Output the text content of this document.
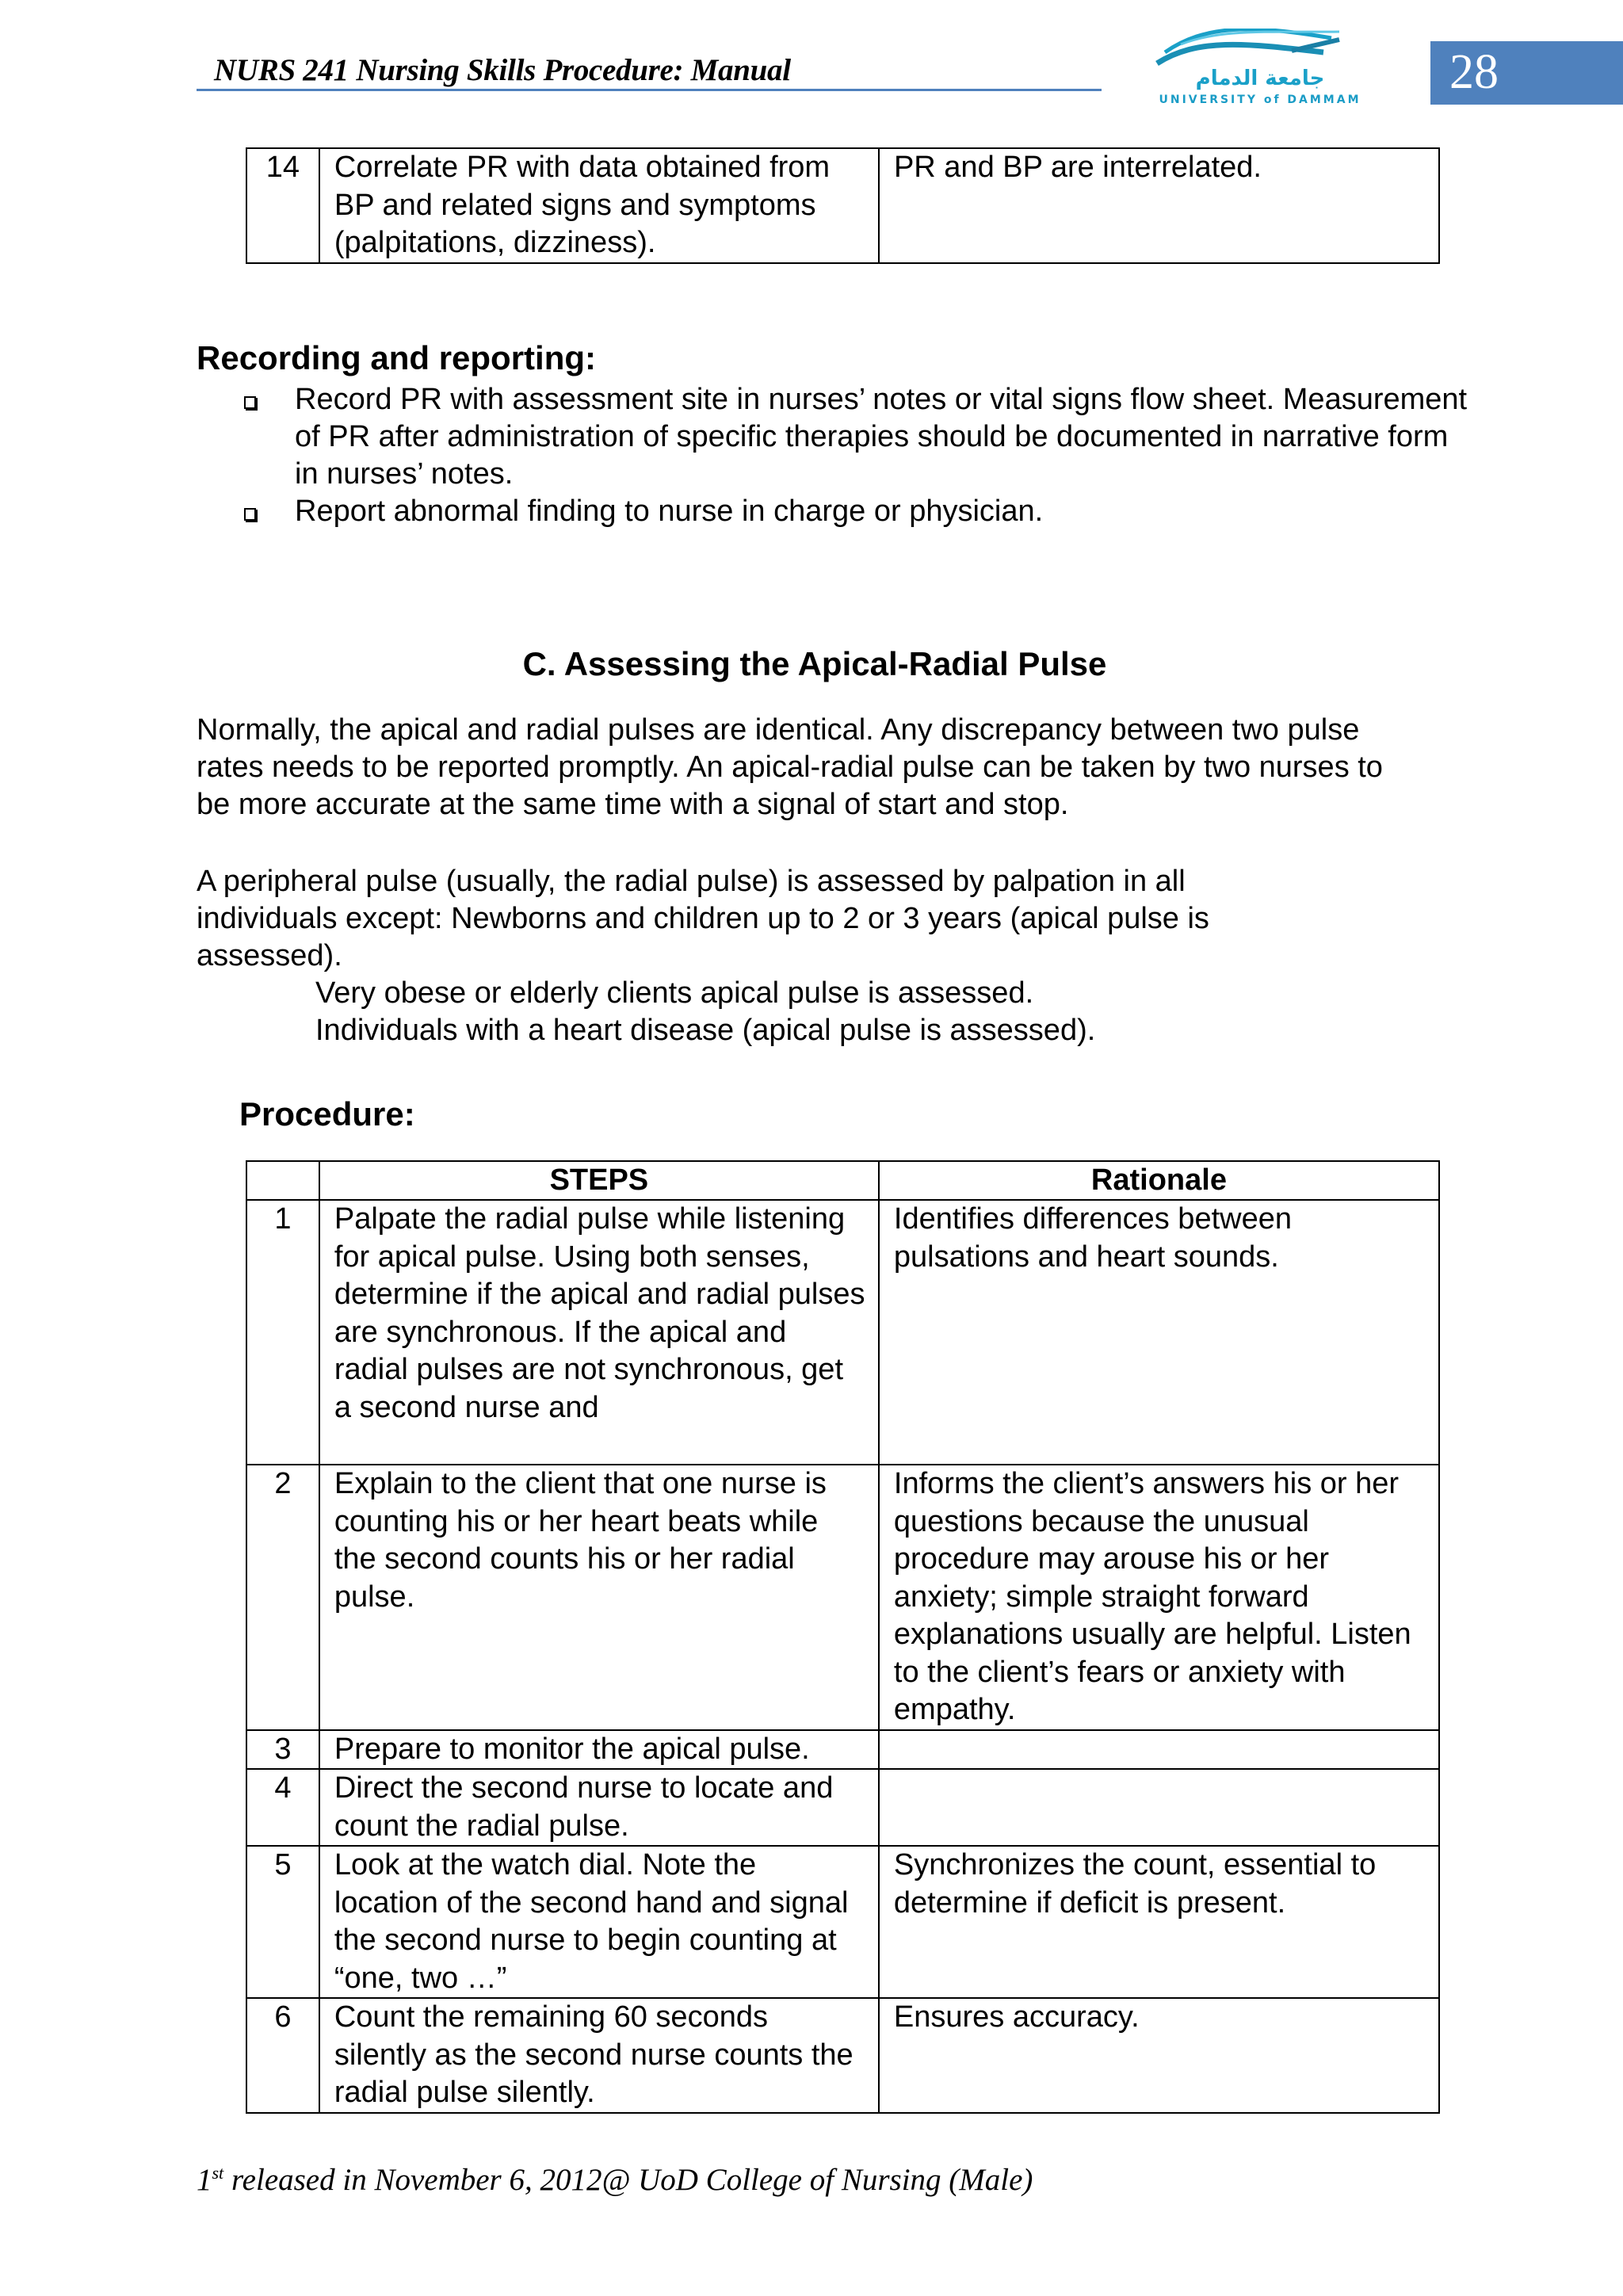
NURS 241 Nursing Skills Procedure: Manual	جامعة الدمام
UNIVERSITY of DAMMAM
28
14	Correlate PR with data obtained from BP and related signs and symptoms (palpitations, dizziness).	PR and BP are interrelated.
Recording and reporting:
Record PR with assessment site in nurses’ notes or vital signs flow sheet. Measurement of PR after administration of specific therapies should be documented in narrative form in nurses’ notes.
Report abnormal finding to nurse in charge or physician.
C. Assessing the Apical-Radial Pulse
Normally, the apical and radial pulses are identical. Any discrepancy between two pulse rates needs to be reported promptly. An apical-radial pulse can be taken by two nurses to be more accurate at the same time with a signal of start and stop.
A peripheral pulse (usually, the radial pulse) is assessed by palpation in all individuals except: Newborns and children up to 2 or 3 years (apical pulse is assessed).
Very obese or elderly clients apical pulse is assessed.
Individuals with a heart disease (apical pulse is assessed).
Procedure:
	STEPS	Rationale
1	Palpate the radial pulse while listening for apical pulse. Using both senses, determine if the apical and radial pulses are synchronous. If the apical and radial pulses are not synchronous, get a second nurse and	Identifies differences between pulsations and heart sounds.
2	Explain to the client that one nurse is counting his or her heart beats while the second counts his or her radial pulse.	Informs the client’s answers his or her questions because the unusual procedure may arouse his or her anxiety; simple straight forward explanations usually are helpful. Listen to the client’s fears or anxiety with empathy.
3	Prepare to monitor the apical pulse.	
4	Direct the second nurse to locate and count the radial pulse.	
5	Look at the watch dial. Note the location of the second hand and signal the second nurse to begin counting at “one, two …”	Synchronizes the count, essential to determine if deficit is present.
6	Count the remaining 60 seconds silently as the second nurse counts the radial pulse silently.	Ensures accuracy.
1st released in November 6, 2012@ UoD College of Nursing (Male)
